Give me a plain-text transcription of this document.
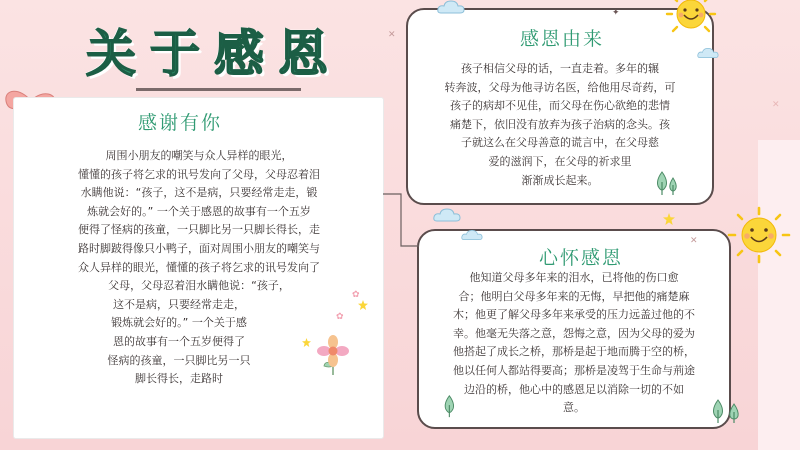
关于感恩
感谢有你
周围小朋友的嘲笑与众人异样的眼光，
懂懂的孩子将乞求的讯号发向了父母，父母忍着泪
水瞒他说：“孩子，这不是病，只要经常走走，锻
炼就会好的。” 一个关于感恩的故事有一个五岁
便得了怪病的孩童，一只脚比另一只脚长得长，走
路时脚跛得像只小鸭子，面对周围小朋友的嘲笑与
众人异样的眼光，懂懂的孩子将乞求的讯号发向了
父母，父母忍着泪水瞒他说：“孩子，
这不是病，只要经常走走，
锻炼就会好的。” 一个关于感
恩的故事有一个五岁便得了
怪病的孩童，一只脚比另一只
脚长得长，走路时
感恩由来
孩子相信父母的话，一直走着。多年的辗
转奔波，父母为他寻访名医，给他用尽奇药，可
孩子的病却不见佳，而父母在伤心欲绝的悲情
痛楚下，依旧没有放弃为孩子治病的念头。孩
子就这么在父母善意的谎言中，在父母慈
爱的滋润下，在父母的祈求里
渐渐成长起来。
心怀感恩
他知道父母多年来的泪水，已将他的伤口愈
合；他明白父母多年来的无悔，早把他的痛楚麻
木；他更了解父母多年来承受的压力远盖过他的不
幸。他毫无失落之意，怨悔之意，因为父母的爱为
他搭起了成长之桥，那桥是起于地而腾于空的桥，
他以任何人都站得要高；那桥是凌驾于生命与荊途
边沿的桥，他心中的感恩足以消除一切的不如
意。
✦
✕
✕
✿
✿
✕
